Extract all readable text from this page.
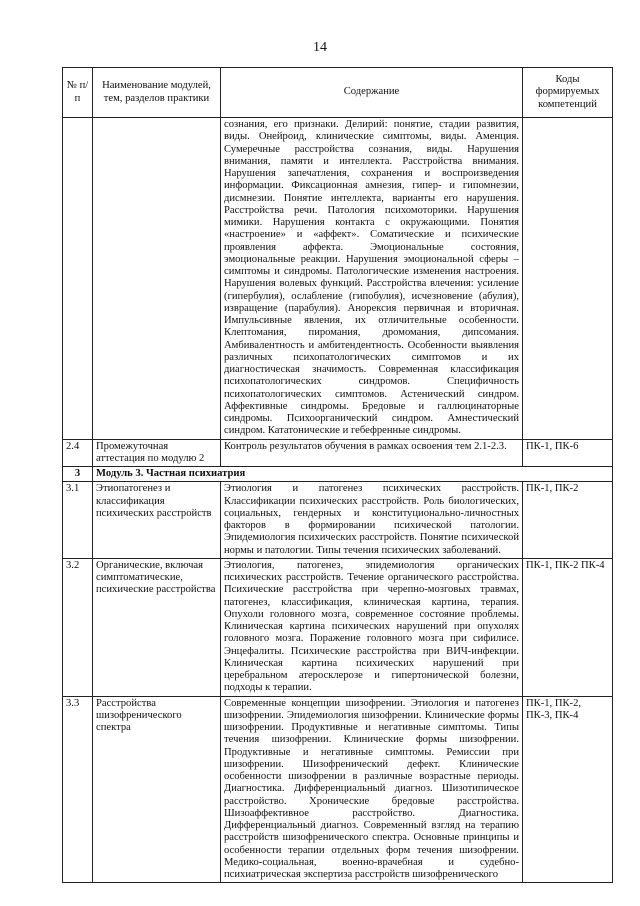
14
№ п/п	Наименование модулей, тем, разделов практики	Содержание	Коды формируемых компетенций
		сознания, его признаки. Делирий: понятие, стадии развития, виды. Онейроид, клинические симптомы, виды. Аменция. Сумеречные расстройства сознания, виды. Нарушения внимания, памяти и интеллекта. Расстройства внимания. Нарушения запечатления, сохранения и воспроизведения информации. Фиксационная амнезия, гипер- и гипомнезии, дисмнезии. Понятие интеллекта, варианты его нарушения. Расстройства речи. Патология психомоторики. Нарушения мимики. Нарушения контакта с окружающими. Понятия «настроение» и «аффект». Соматические и психические проявления аффекта. Эмоциональные состояния, эмоциональные реакции. Нарушения эмоциональной сферы – симптомы и синдромы. Патологические изменения настроения. Нарушения волевых функций. Расстройства влечения: усиление (гипербулия), ослабление (гипобулия), исчезновение (абулия), извращение (парабулия). Анорексия первичная и вторичная. Импульсивные явления, их отличительные особенности. Клептомания, пиромания, дромомания, дипсомания. Амбивалентность и амбитендентность. Особенности выявления различных психопатологических симптомов и их диагностическая значимость. Современная классификация психопатологических синдромов. Специфичность психопатологических симптомов. Астенический синдром. Аффективные синдромы. Бредовые и галлюцинаторные синдромы. Психоорганический синдром. Амнестический синдром. Кататонические и гебефренные синдромы.	
2.4	Промежуточная аттестация по модулю 2	Контроль результатов обучения в рамках освоения тем 2.1-2.3.	ПК-1, ПК-6
3	Модуль 3. Частная психиатрия		
3.1	Этиопатогенез и классификация психических расстройств	Этиология и патогенез психических расстройств. Классификации психических расстройств. Роль биологических, социальных, гендерных и конституционально-личностных факторов в формировании психической патологии. Эпидемиология психических расстройств. Понятие психической нормы и патологии. Типы течения психических заболеваний.	ПК-1, ПК-2
3.2	Органические, включая симптоматические, психические расстройства	Этиология, патогенез, эпидемиология органических психических расстройств. Течение органического расстройства. Психические расстройства при черепно-мозговых травмах, патогенез, классификация, клиническая картина, терапия. Опухоли головного мозга, современное состояние проблемы. Клиническая картина психических нарушений при опухолях головного мозга. Поражение головного мозга при сифилисе. Энцефалиты. Психические расстройства при ВИЧ-инфекции. Клиническая картина психических нарушений при церебральном атеросклерозе и гипертонической болезни, подходы к терапии.	ПК-1, ПК-2 ПК-4
3.3	Расстройства шизофренического спектра	Современные концепции шизофрении. Этиология и патогенез шизофрении. Эпидемиология шизофрении. Клинические формы шизофрении. Продуктивные и негативные симптомы. Типы течения шизофрении. Клинические формы шизофрении. Продуктивные и негативные симптомы. Ремиссии при шизофрении. Шизофренический дефект. Клинические особенности шизофрении в различные возрастные периоды. Диагностика. Дифференциальный диагноз. Шизотипическое расстройство. Хронические бредовые расстройства. Шизоаффективное расстройство. Диагностика. Дифференциальный диагноз. Современный взгляд на терапию расстройств шизофренического спектра. Основные принципы и особенности терапии отдельных форм течения шизофрении. Медико-социальная, военно-врачебная и судебно-психиатрическая экспертиза расстройств шизофренического	ПК-1, ПК-2, ПК-3, ПК-4
